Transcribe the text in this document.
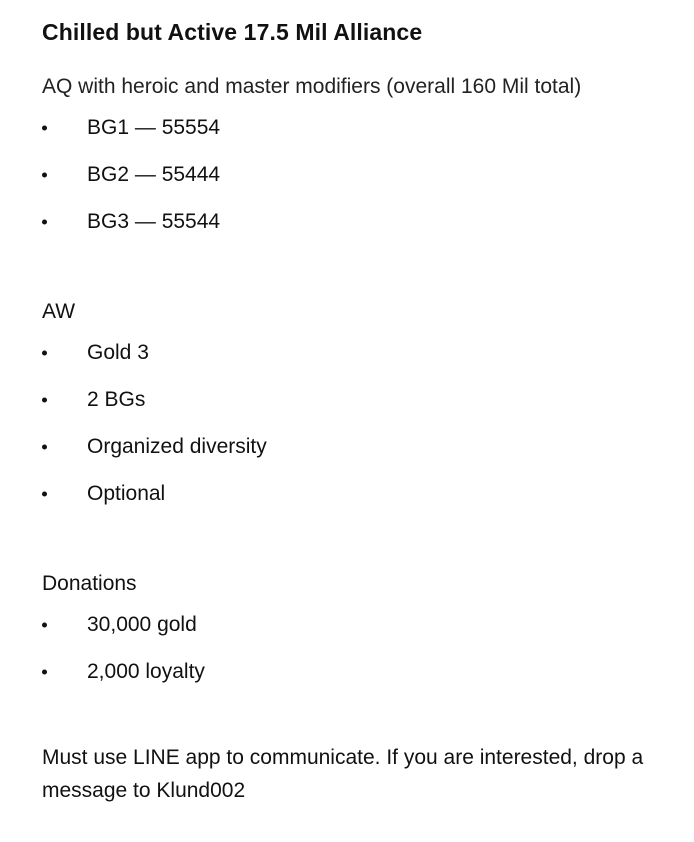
Chilled but Active 17.5 Mil Alliance
AQ with heroic and master modifiers (overall 160 Mil total)
BG1 — 55554
BG2 — 55444
BG3 — 55544
AW
Gold 3
2 BGs
Organized diversity
Optional
Donations
30,000 gold
2,000 loyalty

Must use LINE app to communicate. If you are interested, drop a message to Klund002
